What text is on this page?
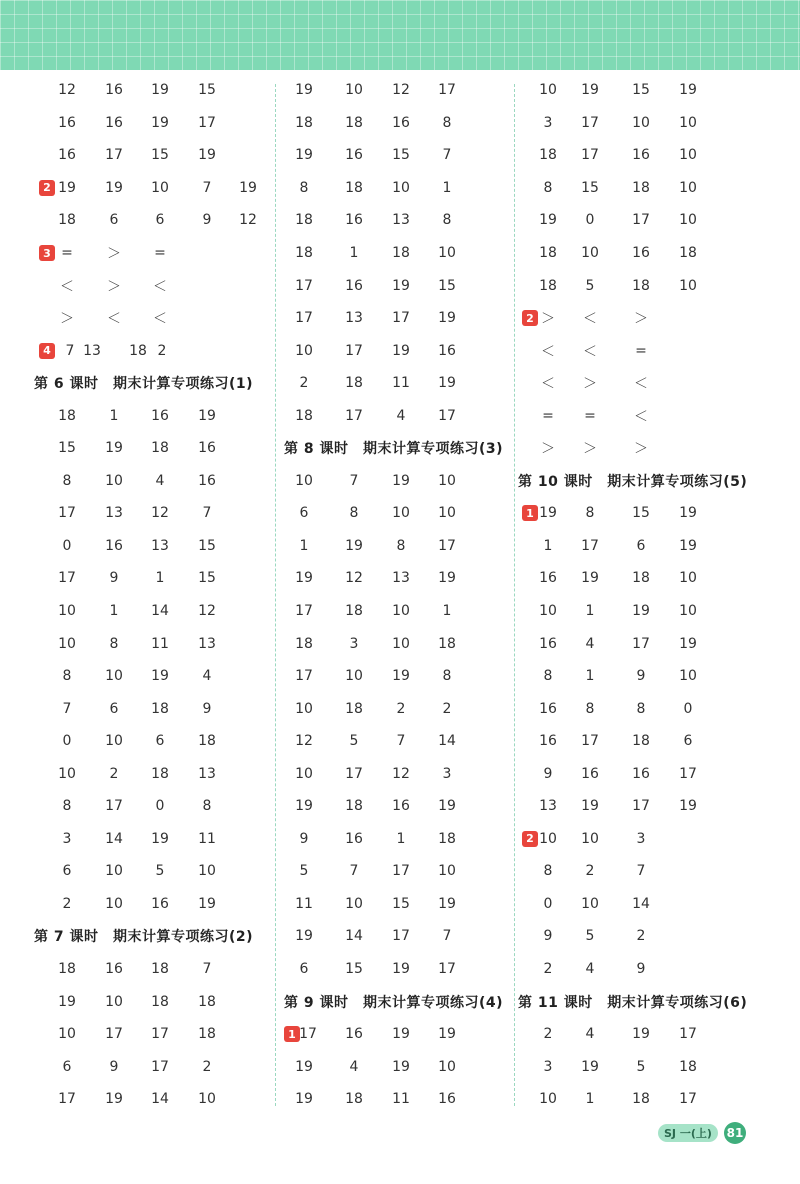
12 16 19 15
16 16 19 17
16 17 15 19
2 19 19 10 7 19
18 6	6	9 12
3 = ＞ =
＜ ＞ ＜
＞ ＜ ＜
4 7 13 18 2
第 6 课时　期末计算专项练习(1)
18 1 16 19
15 19 18 16
8 10 4 16
17 13 12 7
0 16 13 15
17 9	1 15
10 1 14 12
10 8 11 13
8 10 19 4
7	6 18 9
0 10 6 18
10 2 18 13
8 17 0	8
3 14 19 11
6 10 5 10
2 10 16 19
第 7 课时　期末计算专项练习(2)
18 16 18 7
19 10 18 18
10 17 17 18
6	9 17 2
17 19 14 10
19 10 12 17
18 18 16 8
19 16 15 7
8	18 10 1
18 16 13 8
18	1 18 10
17 16 19 15
17 13 17 19
10 17 19 16
2	18 11 19
18 17 4 17
第 8 课时　期末计算专项练习(3)
10	7 19 10
6	8 10 10
1	19 8 17
19 12 13 19
17 18 10 1
18	3 10 18
17 10 19 8
10 18 2	2
12	5	7 14
10 17 12 3
19 18 16 19
9	16 1 18
5	7 17 10
11 10 15 19
19 14 17 7
6	15 19 17
第 9 课时　期末计算专项练习(4)
1 17 16 19 19
19	4 19 10
19 18 11 16
10 19 15 19
3 17 10 10
18 17 16 10
8 15 18 10
19 0	17 10
18 10 16 18
18 5	18 10
2 ＞ ＜	＞
＜ ＜	=
＜ ＞	＜
= =	＜
＞ ＞	＞
第 10 课时　期末计算专项练习(5)
1 19 8	15 19
1 17	6 19
16 19 18 10
10 1	19 10
16 4	17 19
8 1	9 10
16 8	8	0
16 17 18 6
9 16 16 17
13 19 17 19
2 10 10	3
8 2	7
0 10 14
9 5	2
2 4	9
第 11 课时　期末计算专项练习(6)
2 4	19 17
3 19	5 18
10 1	18 17
SJ 一(上)	81
